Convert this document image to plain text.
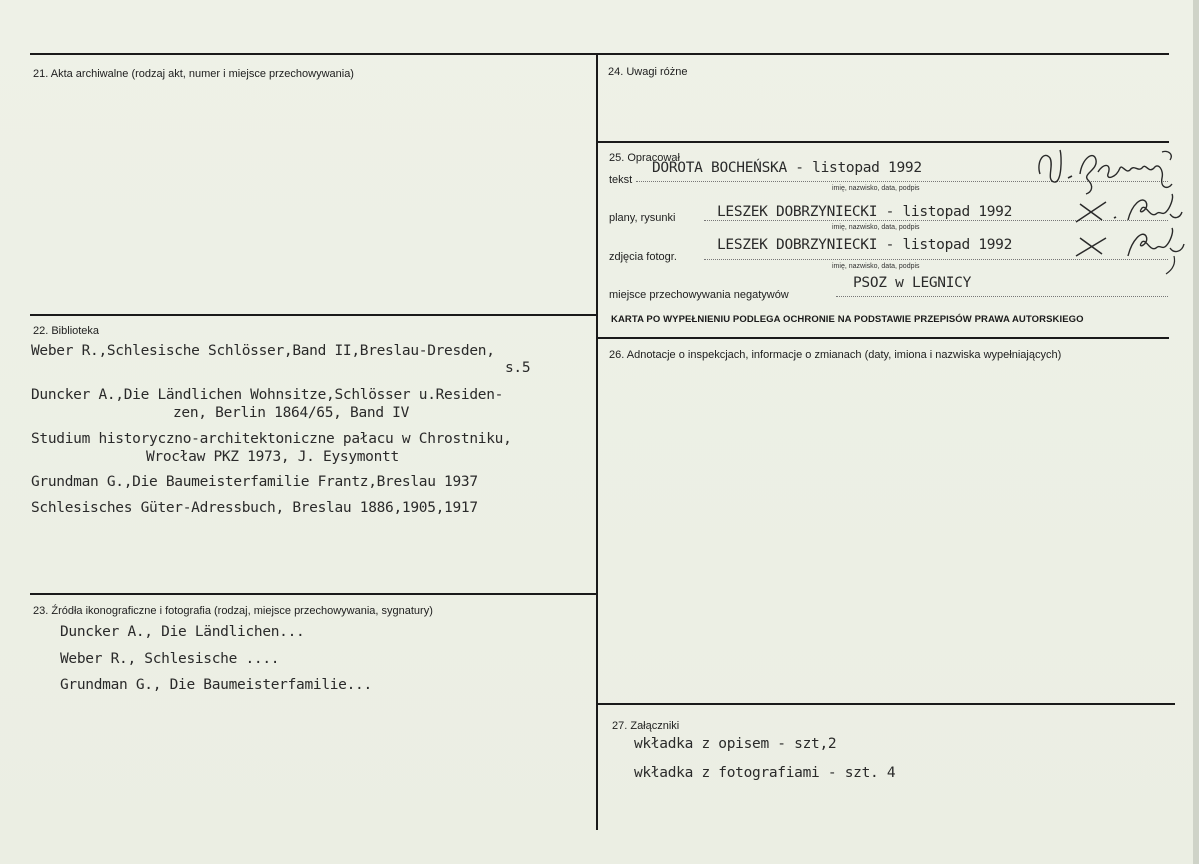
21. Akta archiwalne (rodzaj akt, numer i miejsce przechowywania)
22. Biblioteka
Weber R.,Schlesische Schlösser,Band II,Breslau-Dresden,
s.5
Duncker A.,Die Ländlichen Wohnsitze,Schlösser u.Residen-
zen, Berlin 1864/65, Band IV
Studium historyczno-architektoniczne pałacu w Chrostniku,
Wrocław PKZ 1973, J. Eysymontt
Grundman G.,Die Baumeisterfamilie Frantz,Breslau 1937
Schlesisches Güter-Adressbuch, Breslau 1886,1905,1917
23. Źródła ikonograficzne i fotografia (rodzaj, miejsce przechowywania, sygnatury)
Duncker A., Die Ländlichen...
Weber R., Schlesische ....
Grundman G., Die Baumeisterfamilie...
24. Uwagi różne
25. Opracował
tekst
DOROTA BOCHEŃSKA - listopad 1992
imię, nazwisko, data, podpis
plany, rysunki	LESZEK DOBRZYNIECKI - listopad 1992
imię, nazwisko, data, podpis
zdjęcia fotogr.
LESZEK DOBRZYNIECKI - listopad 1992
imię, nazwisko, data, podpis
miejsce przechowywania negatywów
PSOZ w LEGNICY
KARTA PO WYPEŁNIENIU PODLEGA OCHRONIE NA PODSTAWIE PRZEPISÓW PRAWA AUTORSKIEGO
26. Adnotacje o inspekcjach, informacje o zmianach (daty, imiona i nazwiska wypełniających)
27. Załączniki
wkładka z opisem - szt,2
wkładka z fotografiami - szt. 4
